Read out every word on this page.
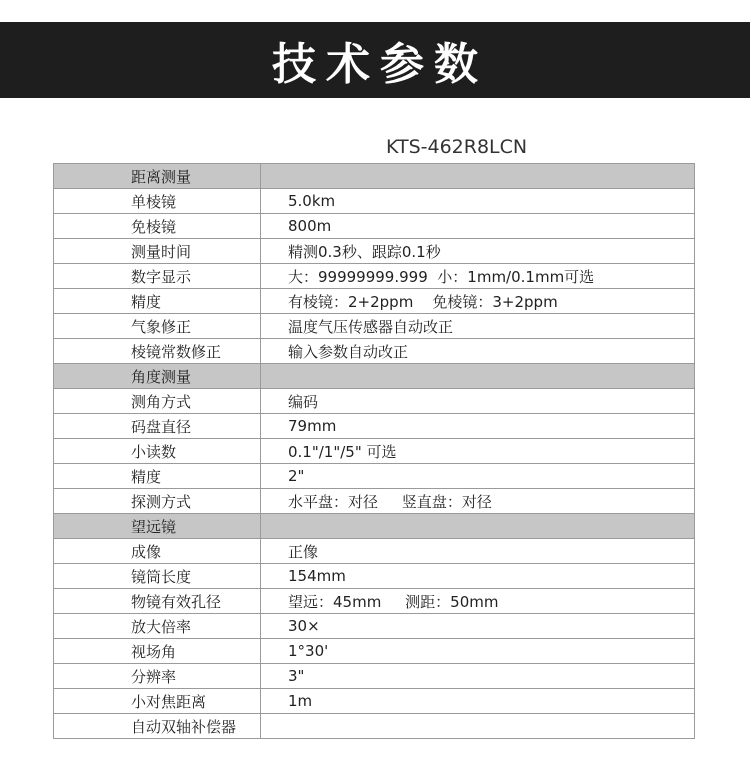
技术参数
KTS-462R8LCN
距离测量	
单棱镜	5.0km
免棱镜	800m
测量时间	精测0.3秒、跟踪0.1秒
数字显示	大：99999999.999  小：1mm/0.1mm可选
精度	有棱镜：2+2ppm    免棱镜：3+2ppm
气象修正	温度气压传感器自动改正
棱镜常数修正	输入参数自动改正
角度测量	
测角方式	编码
码盘直径	79mm
小读数	0.1"/1"/5" 可选
精度	2"
探测方式	水平盘：对径     竖直盘：对径
望远镜	
成像	正像
镜筒长度	154mm
物镜有效孔径	望远：45mm     测距：50mm
放大倍率	30×
视场角	1°30'
分辨率	3"
小对焦距离	1m
自动双轴补偿器	
